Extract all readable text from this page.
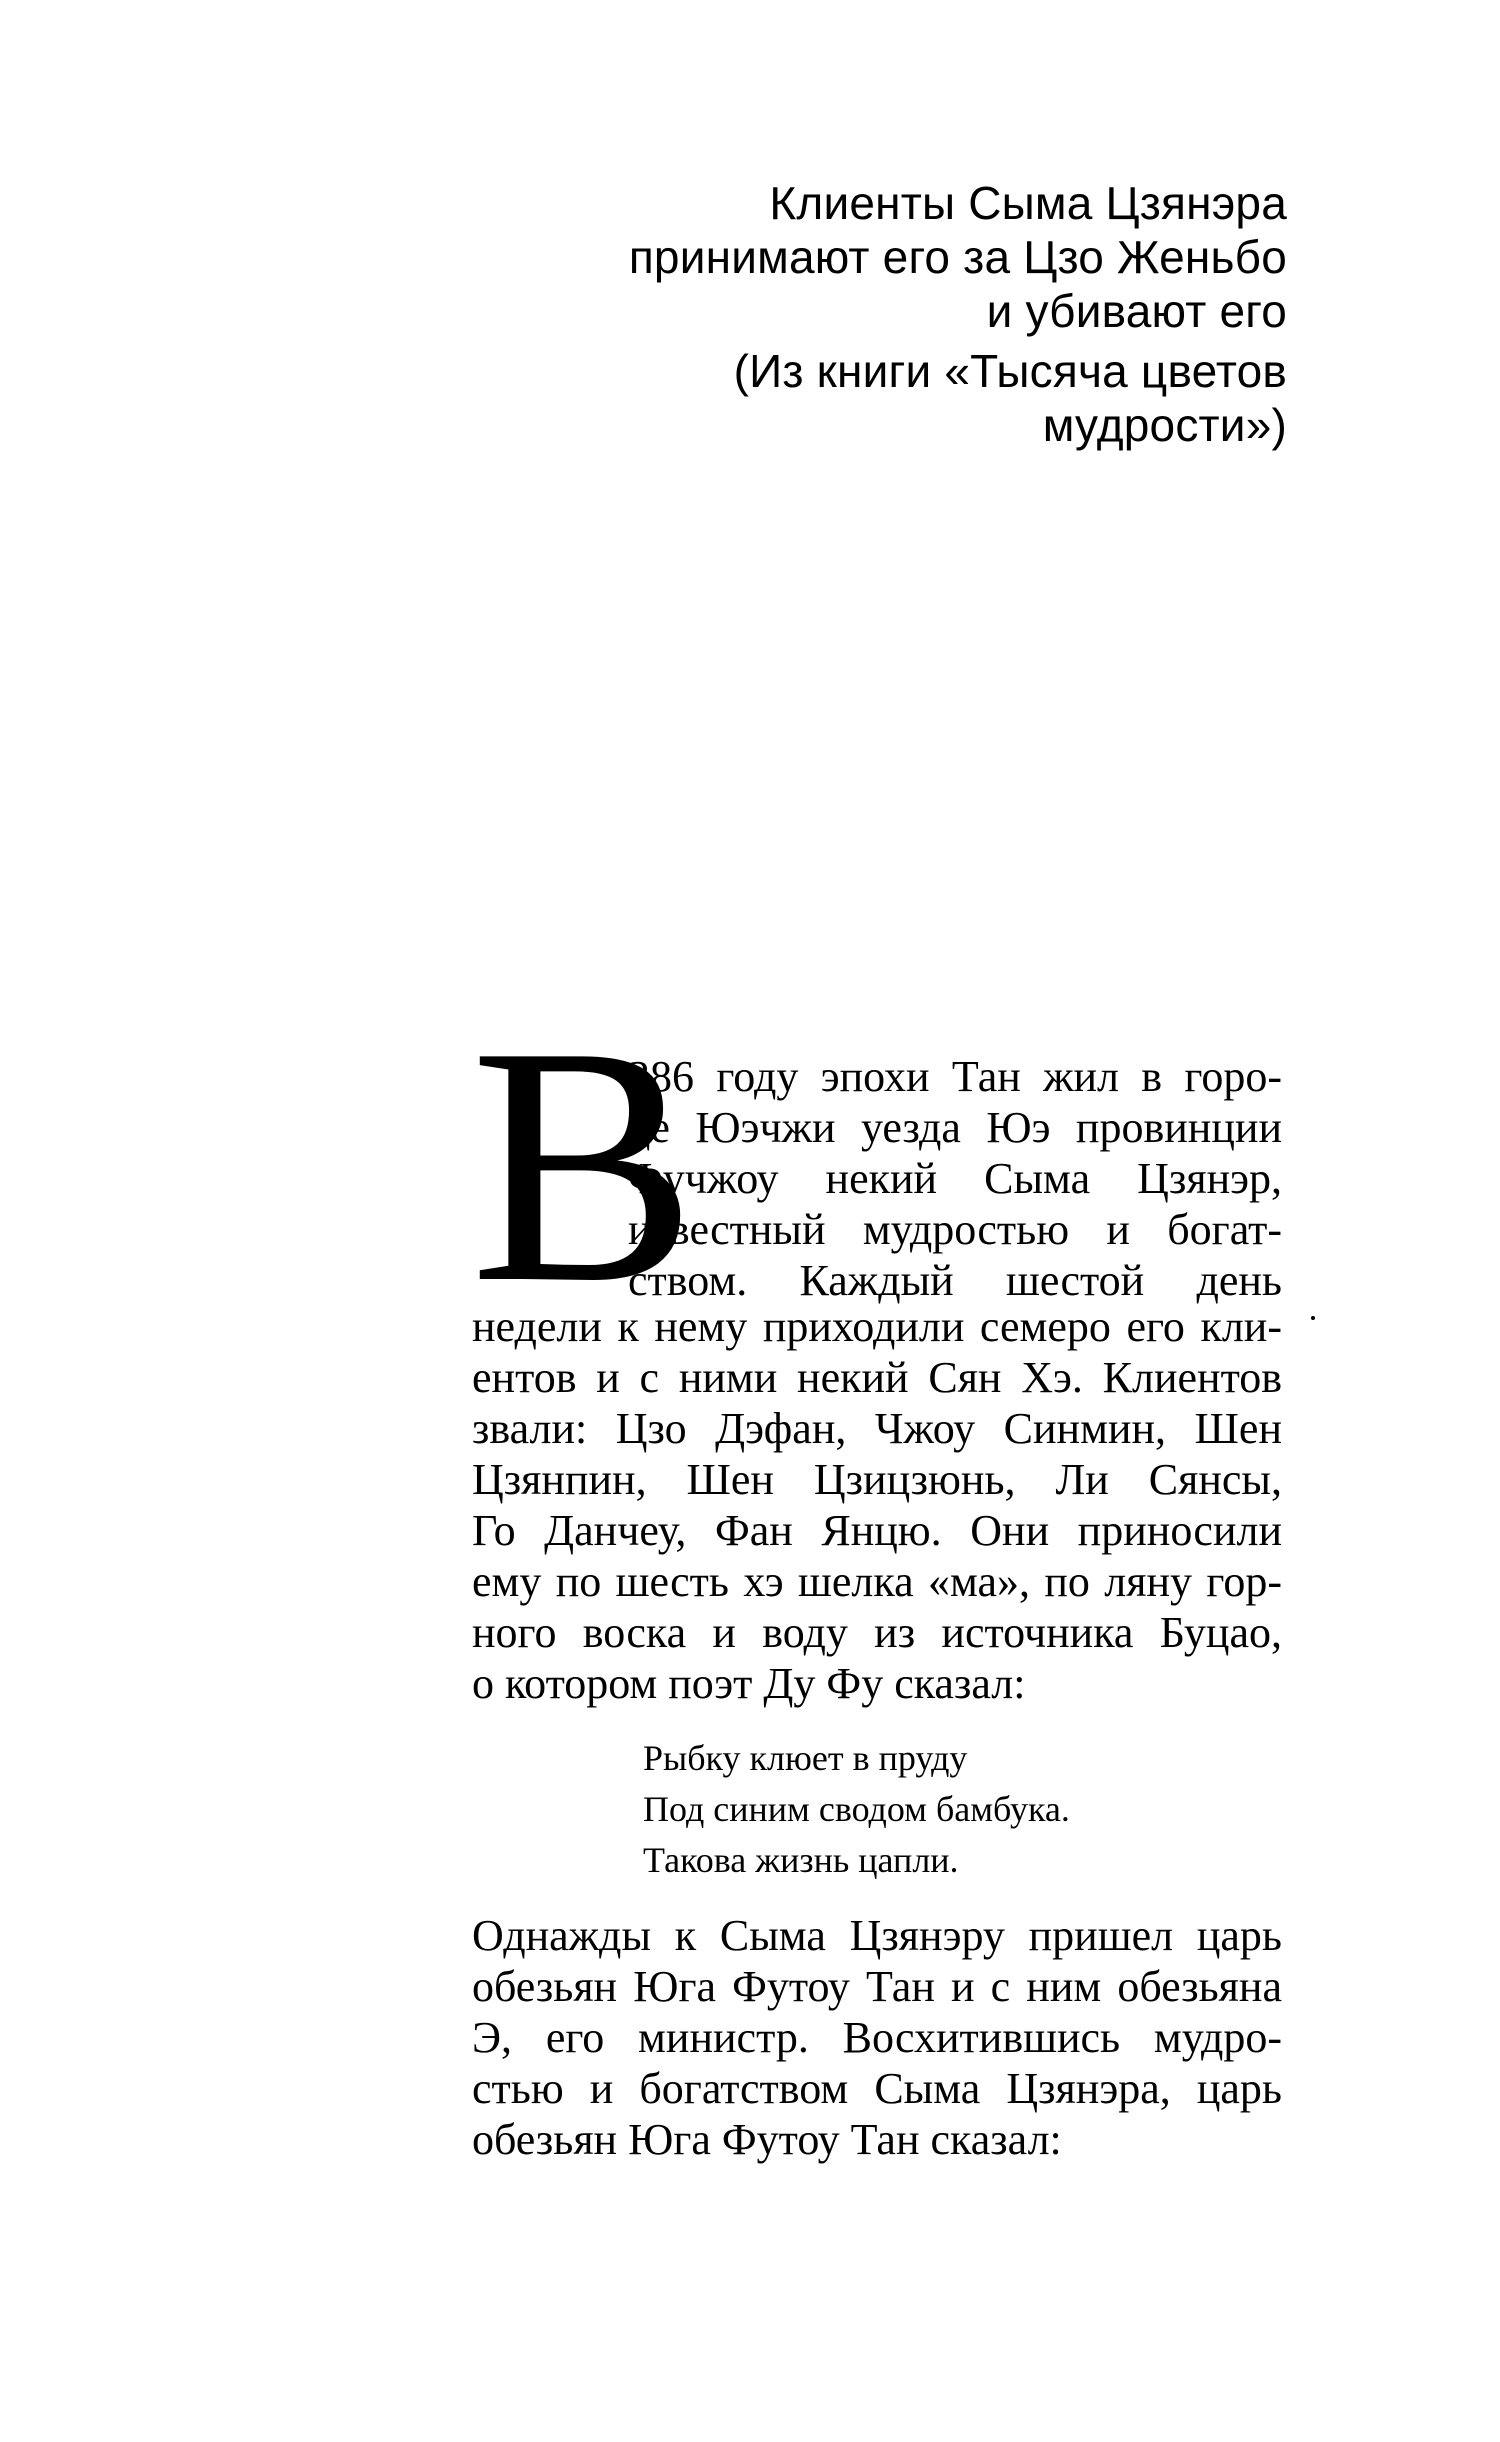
Клиенты Сыма Цзянэра
принимают его за Цзо Женьбо
и убивают его
(Из книги «Тысяча цветов
мудрости»)
В
386 году эпохи Тан жил в горо-
де Юэчжи уезда Юэ провинции
Фучжоу некий Сыма Цзянэр,
известный мудростью и богат-
ством. Каждый шестой день
недели к нему приходили семеро его кли-
ентов и с ними некий Сян Хэ. Клиентов
звали: Цзо Дэфан, Чжоу Синмин, Шен
Цзянпин, Шен Цзицзюнь, Ли Сянсы,
Го Данчеу, Фан Янцю. Они приносили
ему по шесть хэ шелка «ма», по ляну гор-
ного воска и воду из источника Буцао,
о котором поэт Ду Фу сказал:
Рыбку клюет в пруду
Под синим сводом бамбука.
Такова жизнь цапли.
Однажды к Сыма Цзянэру пришел царь
обезьян Юга Футоу Тан и с ним обезьяна
Э, его министр. Восхитившись мудро-
стью и богатством Сыма Цзянэра, царь
обезьян Юга Футоу Тан сказал:
